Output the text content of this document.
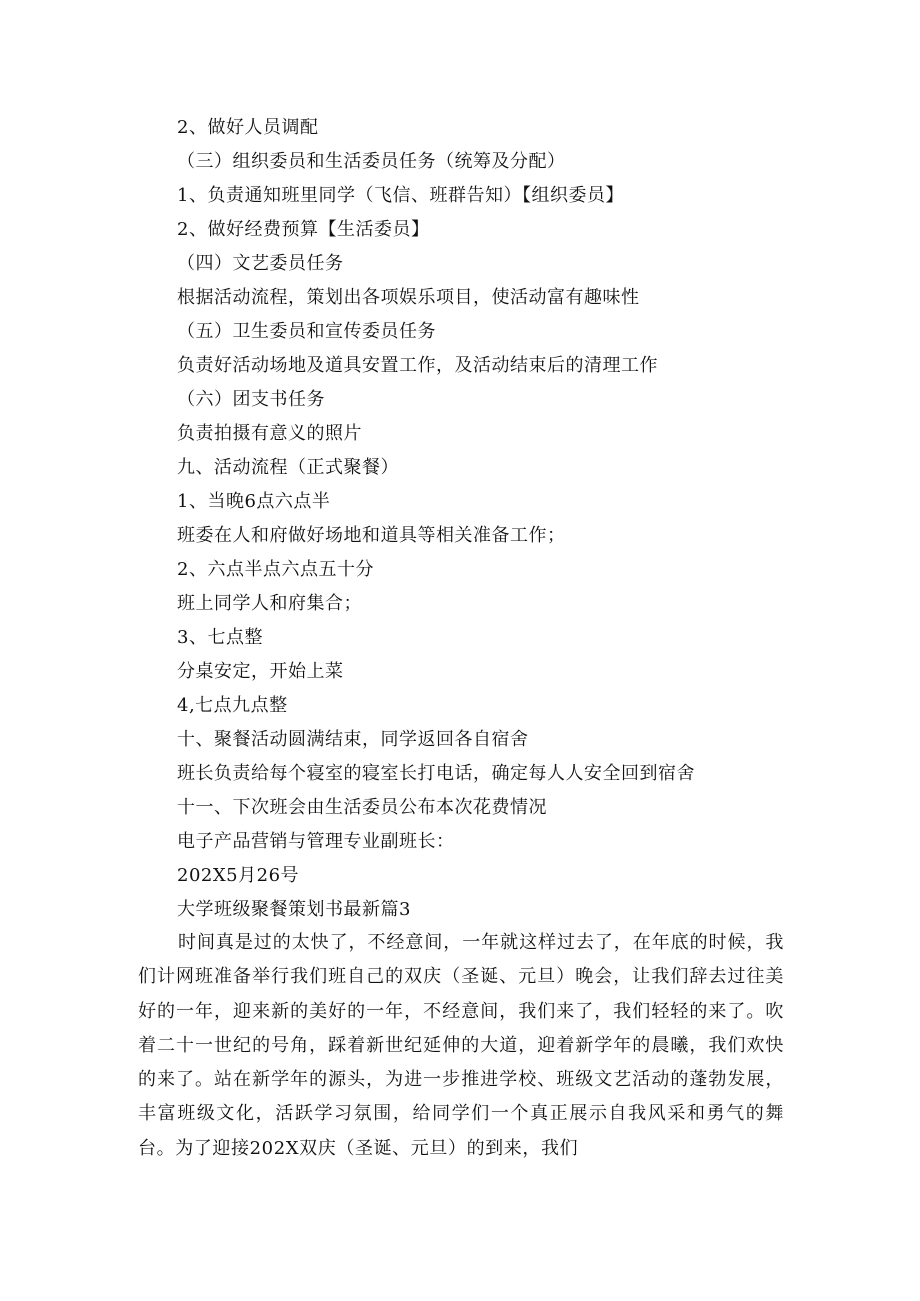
2、做好人员调配
（三）组织委员和生活委员任务（统筹及分配）
1、负责通知班里同学（飞信、班群告知）【组织委员】
2、做好经费预算【生活委员】
（四）文艺委员任务
根据活动流程，策划出各项娱乐项目，使活动富有趣味性
（五）卫生委员和宣传委员任务
负责好活动场地及道具安置工作，及活动结束后的清理工作
（六）团支书任务
负责拍摄有意义的照片
九、活动流程（正式聚餐）
1、当晚6点六点半
班委在人和府做好场地和道具等相关准备工作；
2、六点半点六点五十分
班上同学人和府集合；
3、七点整
分桌安定，开始上菜
4,七点九点整
十、聚餐活动圆满结束，同学返回各自宿舍
班长负责给每个寝室的寝室长打电话，确定每人人安全回到宿舍
十一、下次班会由生活委员公布本次花费情况
电子产品营销与管理专业副班长：
202X5月26号
大学班级聚餐策划书最新篇3
时间真是过的太快了，不经意间，一年就这样过去了，在年底的时候，我们计网班准备举行我们班自己的双庆（圣诞、元旦）晚会，让我们辞去过往美好的一年，迎来新的美好的一年，不经意间，我们来了，我们轻轻的来了。吹着二十一世纪的号角，踩着新世纪延伸的大道，迎着新学年的晨曦，我们欢快的来了。站在新学年的源头，为进一步推进学校、班级文艺活动的蓬勃发展，丰富班级文化，活跃学习氛围，给同学们一个真正展示自我风采和勇气的舞台。为了迎接202X双庆（圣诞、元旦）的到来，我们
